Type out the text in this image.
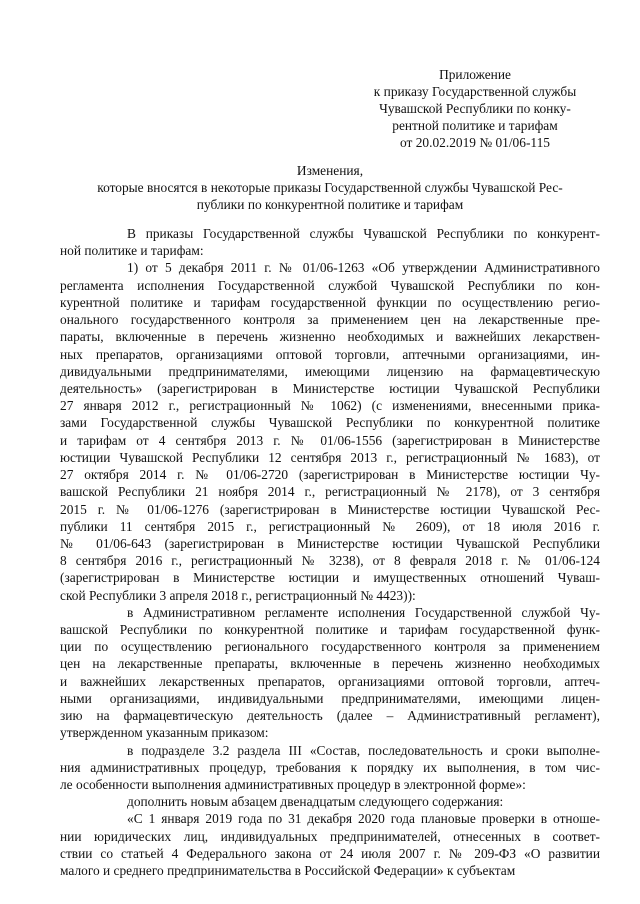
Приложение
к приказу Государственной службы
Чувашской Республики по конку-
рентной политике и тарифам
от 20.02.2019 № 01/06-115
Изменения,
которые вносятся в некоторые приказы Государственной службы Чувашской Рес-
публики по конкурентной политике и тарифам
В приказы Государственной службы Чувашской Республики по конкурент-
ной политике и тарифам:
1) от 5 декабря 2011 г. № 01/06-1263 «Об утверждении Административного
регламента исполнения Государственной службой Чувашской Республики по кон-
курентной политике и тарифам государственной функции по осуществлению регио-
онального государственного контроля за применением цен на лекарственные пре-
параты, включенные в перечень жизненно необходимых и важнейших лекарствен-
ных препаратов, организациями оптовой торговли, аптечными организациями, ин-
дивидуальными предпринимателями, имеющими лицензию на фармацевтическую
деятельность» (зарегистрирован в Министерстве юстиции Чувашской Республики
27 января 2012 г., регистрационный № 1062) (с изменениями, внесенными прика-
зами Государственной службы Чувашской Республики по конкурентной политике
и тарифам от 4 сентября 2013 г. № 01/06-1556 (зарегистрирован в Министерстве
юстиции Чувашской Республики 12 сентября 2013 г., регистрационный № 1683), от
27 октября 2014 г. № 01/06-2720 (зарегистрирован в Министерстве юстиции Чу-
вашской Республики 21 ноября 2014 г., регистрационный № 2178), от 3 сентября
2015 г. № 01/06-1276 (зарегистрирован в Министерстве юстиции Чувашской Рес-
публики 11 сентября 2015 г., регистрационный № 2609), от 18 июля 2016 г.
№ 01/06-643 (зарегистрирован в Министерстве юстиции Чувашской Республики
8 сентября 2016 г., регистрационный № 3238), от 8 февраля 2018 г. № 01/06-124
(зарегистрирован в Министерстве юстиции и имущественных отношений Чуваш-
ской Республики 3 апреля 2018 г., регистрационный № 4423)):
в Административном регламенте исполнения Государственной службой Чу-
вашской Республики по конкурентной политике и тарифам государственной функ-
ции по осуществлению регионального государственного контроля за применением
цен на лекарственные препараты, включенные в перечень жизненно необходимых
и важнейших лекарственных препаратов, организациями оптовой торговли, аптеч-
ными организациями, индивидуальными предпринимателями, имеющими лицен-
зию на фармацевтическую деятельность (далее – Административный регламент),
утвержденном указанным приказом:
в подразделе 3.2 раздела III «Состав, последовательность и сроки выполне-
ния административных процедур, требования к порядку их выполнения, в том чис-
ле особенности выполнения административных процедур в электронной форме»:
дополнить новым абзацем двенадцатым следующего содержания:
«С 1 января 2019 года по 31 декабря 2020 года плановые проверки в отноше-
нии юридических лиц, индивидуальных предпринимателей, отнесенных в соответ-
ствии со статьей 4 Федерального закона от 24 июля 2007 г. № 209-ФЗ «О развитии
малого и среднего предпринимательства в Российской Федерации» к субъектам
